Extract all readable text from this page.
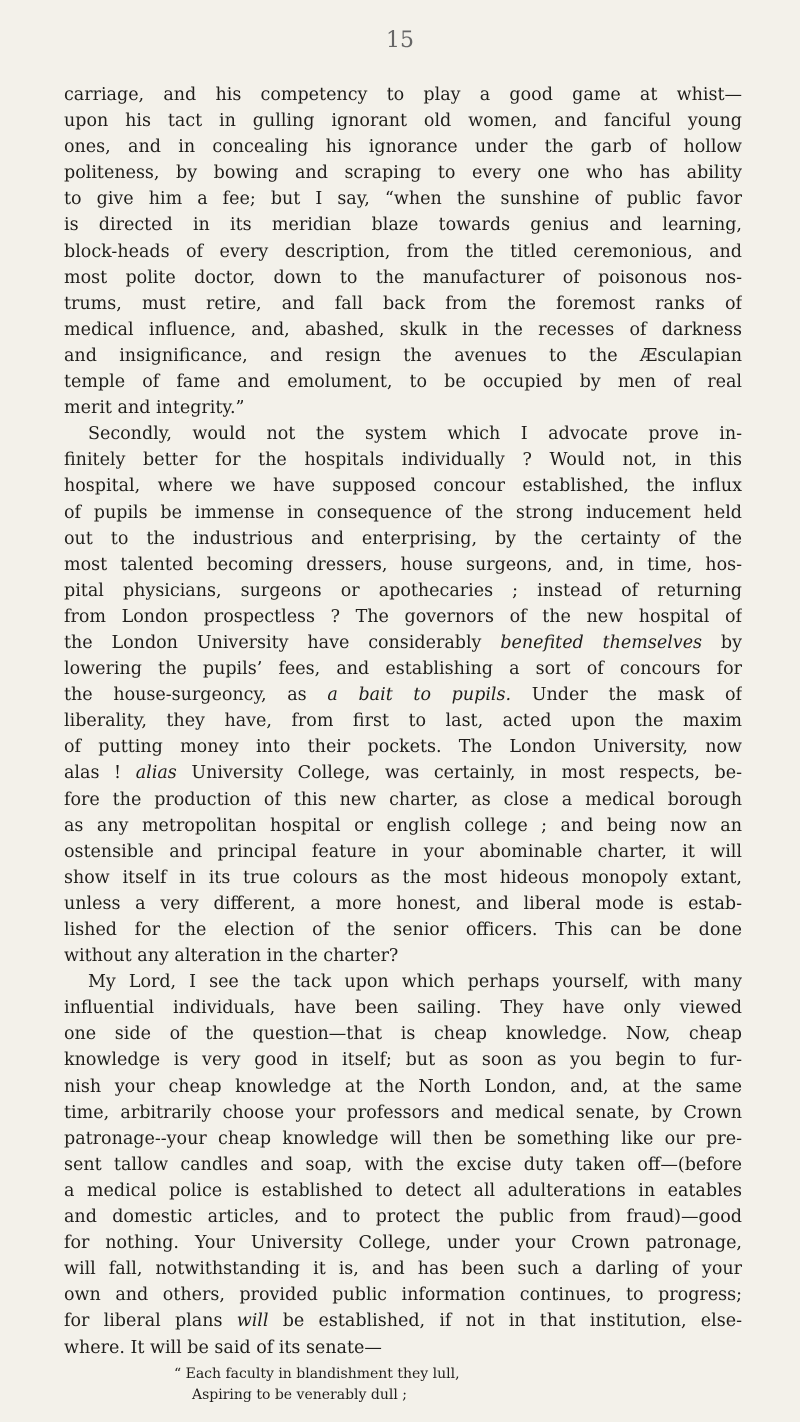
15
carriage, and his competency to play a good game at whist—
upon his tact in gulling ignorant old women, and fanciful young
ones, and in concealing his ignorance under the garb of hollow
politeness, by bowing and scraping to every one who has ability
to give him a fee; but I say, “when the sunshine of public favor
is directed in its meridian blaze towards genius and learning,
block-heads of every description, from the titled ceremonious, and
most polite doctor, down to the manufacturer of poisonous nos-
trums, must retire, and fall back from the foremost ranks of
medical influence, and, abashed, skulk in the recesses of darkness
and insignificance, and resign the avenues to the Æsculapian
temple of fame and emolument, to be occupied by men of real
merit and integrity.”
Secondly, would not the system which I advocate prove in-
finitely better for the hospitals individually ? Would not, in this
hospital, where we have supposed concour established, the influx
of pupils be immense in consequence of the strong inducement held
out to the industrious and enterprising, by the certainty of the
most talented becoming dressers, house surgeons, and, in time, hos-
pital physicians, surgeons or apothecaries ; instead of returning
from London prospectless ? The governors of the new hospital of
the London University have considerably benefited themselves by
lowering the pupils’ fees, and establishing a sort of concours for
the house-surgeoncy, as a bait to pupils. Under the mask of
liberality, they have, from first to last, acted upon the maxim
of putting money into their pockets. The London University, now
alas ! alias University College, was certainly, in most respects, be-
fore the production of this new charter, as close a medical borough
as any metropolitan hospital or english college ; and being now an
ostensible and principal feature in your abominable charter, it will
show itself in its true colours as the most hideous monopoly extant,
unless a very different, a more honest, and liberal mode is estab-
lished for the election of the senior officers. This can be done
without any alteration in the charter?
My Lord, I see the tack upon which perhaps yourself, with many
influential individuals, have been sailing. They have only viewed
one side of the question—that is cheap knowledge. Now, cheap
knowledge is very good in itself; but as soon as you begin to fur-
nish your cheap knowledge at the North London, and, at the same
time, arbitrarily choose your professors and medical senate, by Crown
patronage--your cheap knowledge will then be something like our pre-
sent tallow candles and soap, with the excise duty taken off—(before
a medical police is established to detect all adulterations in eatables
and domestic articles, and to protect the public from fraud)—good
for nothing. Your University College, under your Crown patronage,
will fall, notwithstanding it is, and has been such a darling of your
own and others, provided public information continues, to progress;
for liberal plans will be established, if not in that institution, else-
where. It will be said of its senate—
“ Each faculty in blandishment they lull,
Aspiring to be venerably dull ;
